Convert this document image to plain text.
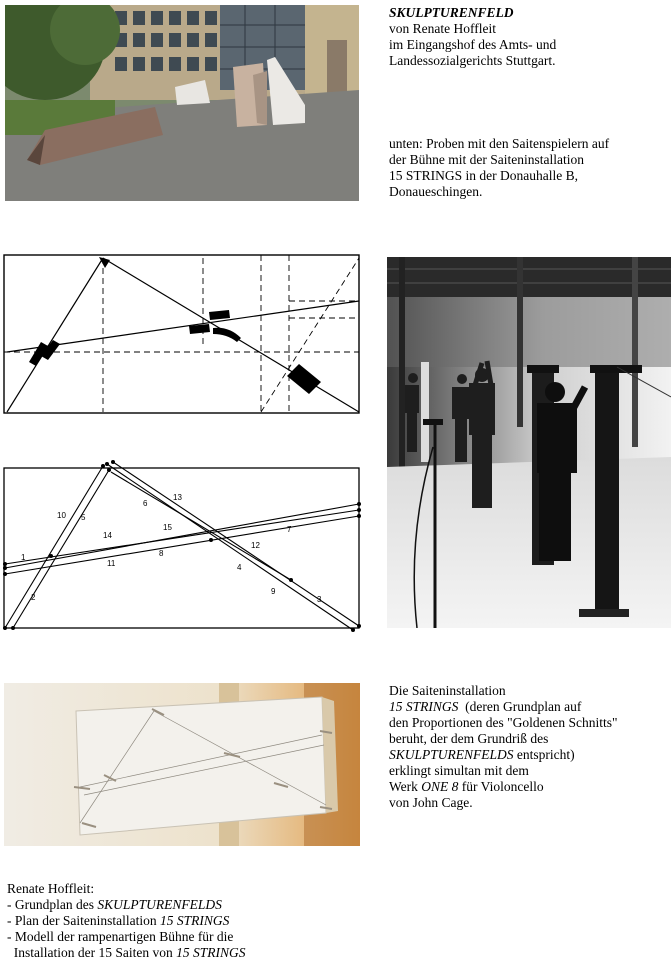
SKULPTURENFELD

von Renate Hoffleit

im Eingangshof des Amts- und

Landessozialgerichts Stuttgart.

unten: Proben mit den Saitenspielern auf

der Bühne mit der Saiteninstallation

15 STRINGS in der Donauhalle B,

Donaueschingen.

1
2	3
4
5
6
7
8
9
10
11
12
13
14
15

Die Saiteninstallation

15 STRINGS  (deren Grundplan auf

den Proportionen des "Goldenen Schnitts"

beruht, der dem Grundriß des

SKULPTURENFELDS entspricht)

erklingt simultan mit dem

Werk ONE 8 für Violoncello

von John Cage.

Renate Hoffleit:

- Grundplan des SKULPTURENFELDS

- Plan der Saiteninstallation 15 STRINGS

- Modell der rampenartigen Bühne für die

Installation der 15 Saiten von 15 STRINGS
